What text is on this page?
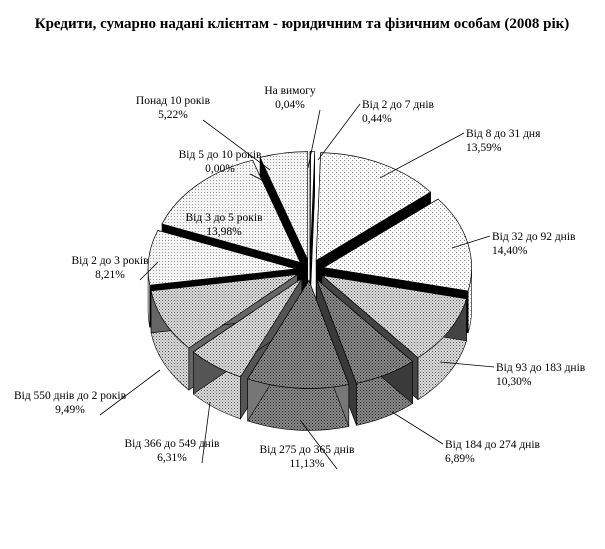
Кредити, сумарно надані клієнтам - юридичним та фізичним особам (2008 рік)
На вимогу 0,04%	Від 2 до 7 днів 0,44%
Від 8 до 31 дня 13,59%
Від 32 до 92 днів 14,40%
Від 93 до 183 днів 10,30%
Від 184 до 274 днів 6,89%
Від 275 до 365 днів 11,13%
Від 366 до 549 днів 6,31%
Від 550 днів до 2 років 9,49%
Від 2 до 3 років 8,21%
Від 3 до 5 років 13,98%
Від 5 до 10 років 0,00%
Понад 10 років 5,22%
